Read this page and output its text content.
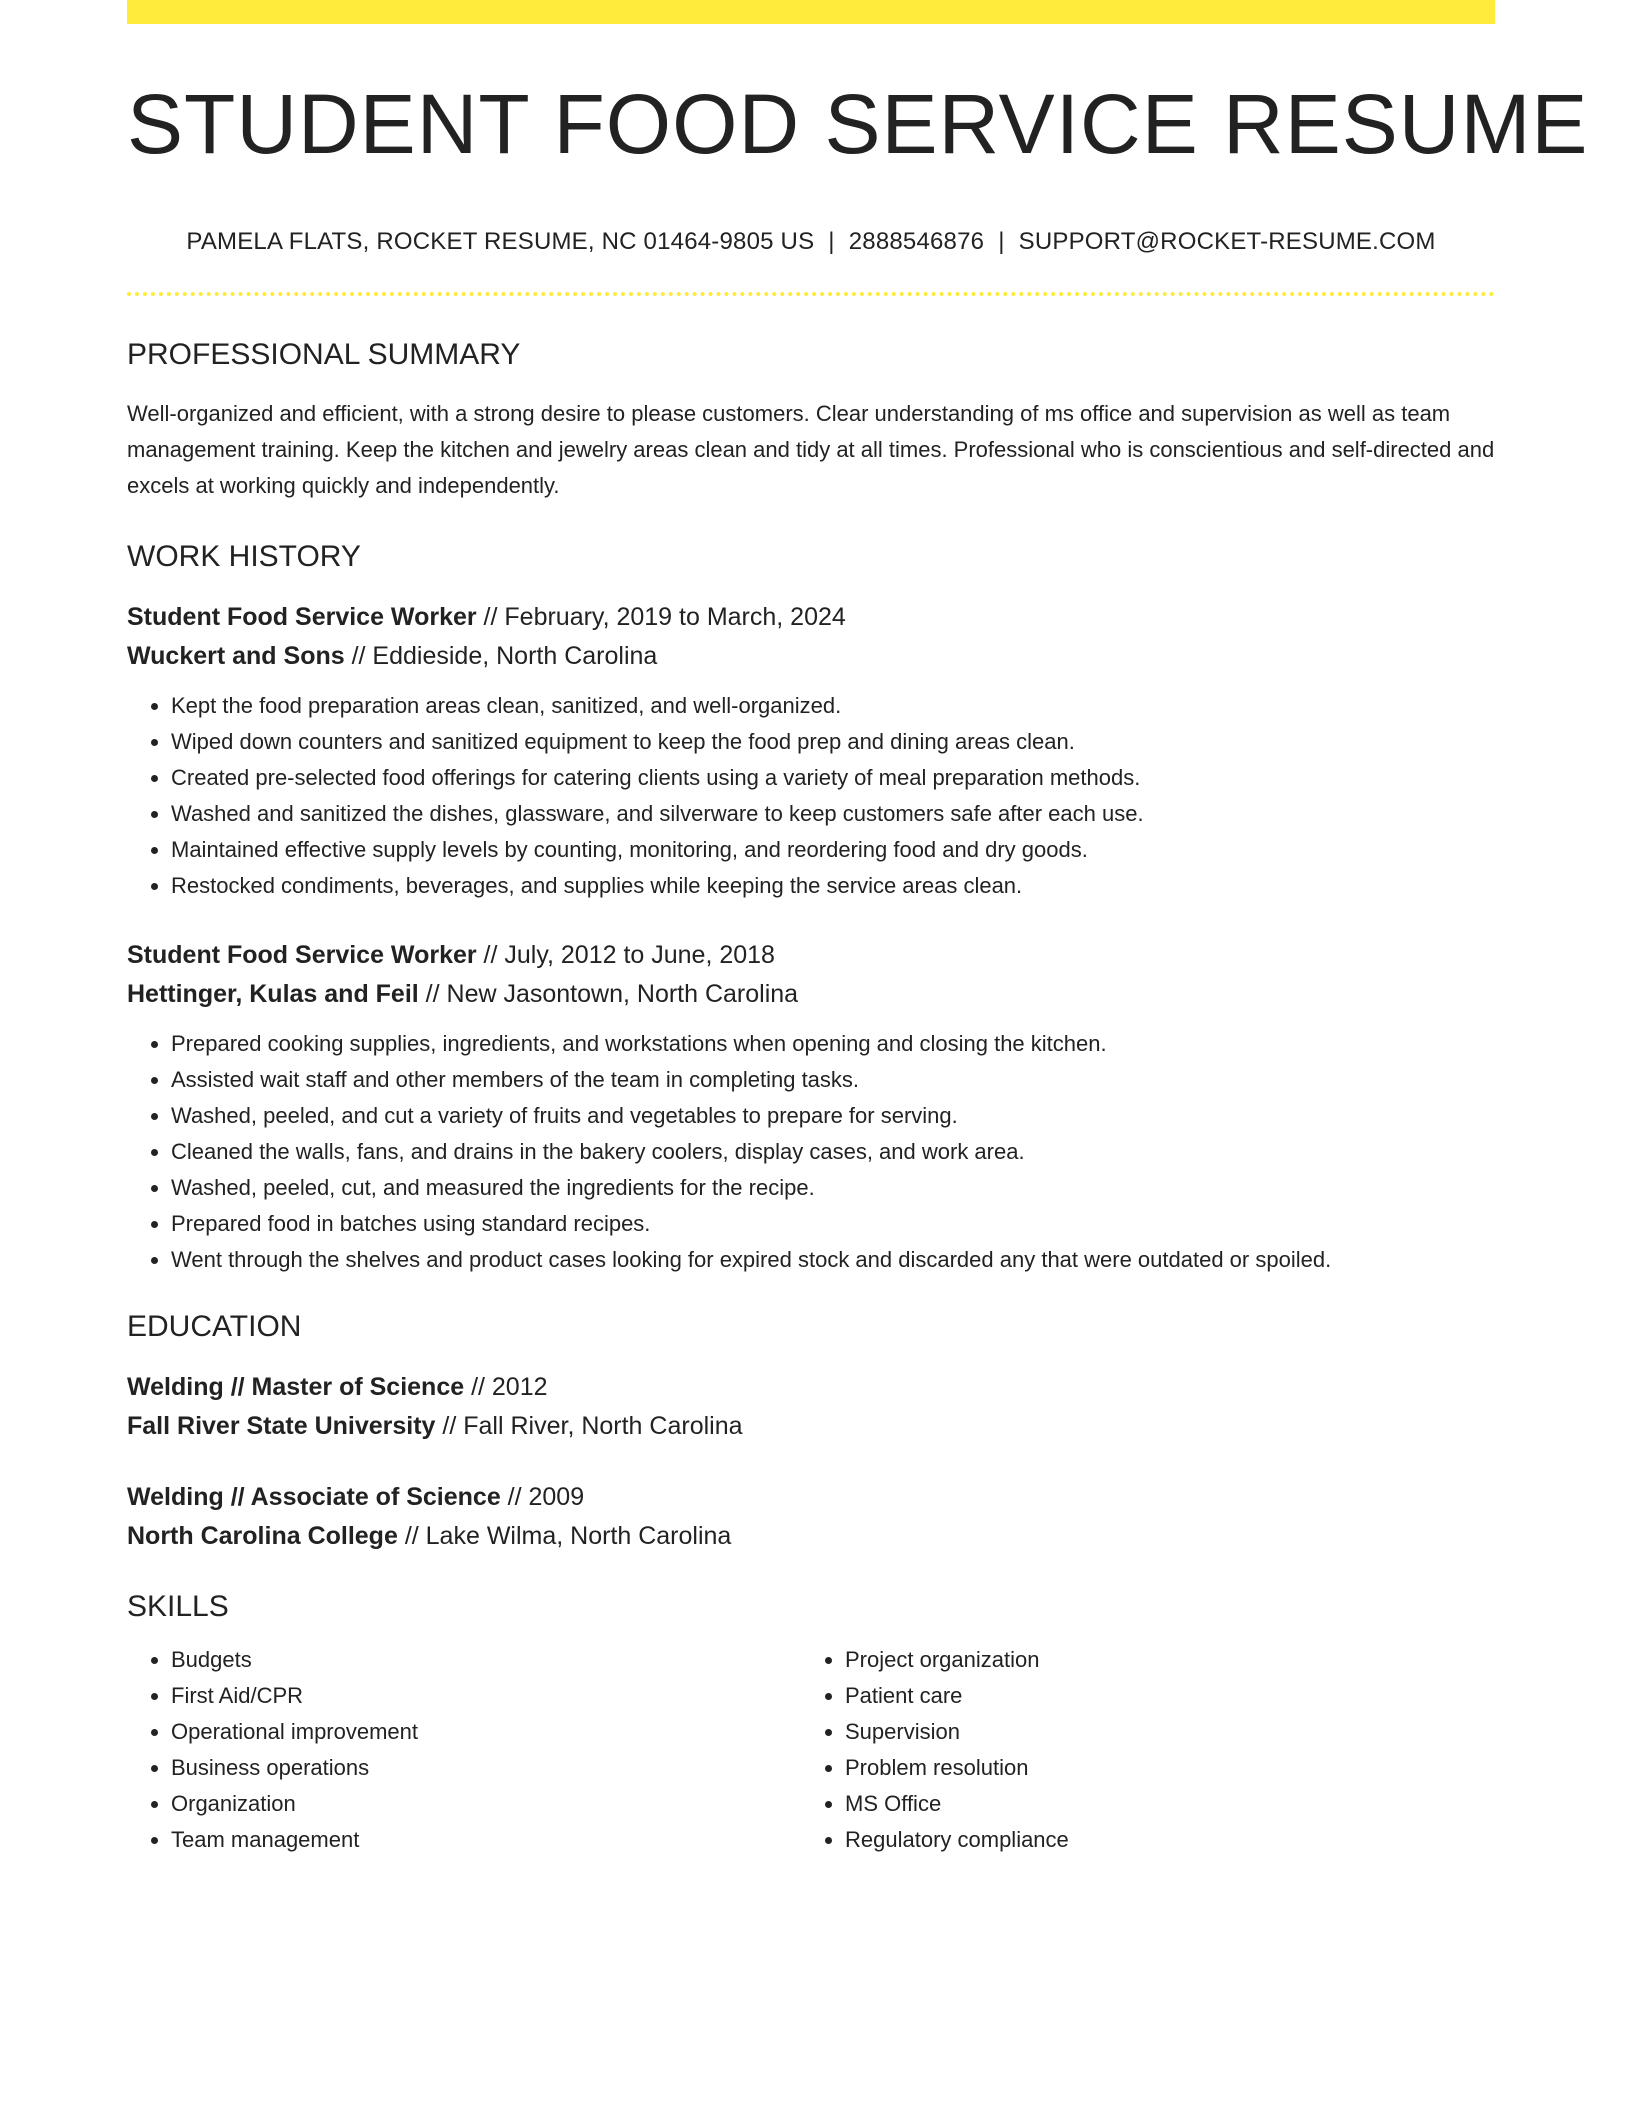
STUDENT FOOD SERVICE RESUME
PAMELA FLATS, ROCKET RESUME, NC 01464-9805 US | 2888546876 | SUPPORT@ROCKET-RESUME.COM
PROFESSIONAL SUMMARY

Well-organized and efficient, with a strong desire to please customers. Clear understanding of ms office and supervision as well as team management training. Keep the kitchen and jewelry areas clean and tidy at all times. Professional who is conscientious and self-directed and excels at working quickly and independently.

WORK HISTORY
Student Food Service Worker // February, 2019 to March, 2024
Wuckert and Sons // Eddieside, North Carolina
• Kept the food preparation areas clean, sanitized, and well-organized.
• Wiped down counters and sanitized equipment to keep the food prep and dining areas clean.
• Created pre-selected food offerings for catering clients using a variety of meal preparation methods.
• Washed and sanitized the dishes, glassware, and silverware to keep customers safe after each use.
• Maintained effective supply levels by counting, monitoring, and reordering food and dry goods.
• Restocked condiments, beverages, and supplies while keeping the service areas clean.
Student Food Service Worker // July, 2012 to June, 2018
Hettinger, Kulas and Feil // New Jasontown, North Carolina
• Prepared cooking supplies, ingredients, and workstations when opening and closing the kitchen.
• Assisted wait staff and other members of the team in completing tasks.
• Washed, peeled, and cut a variety of fruits and vegetables to prepare for serving.
• Cleaned the walls, fans, and drains in the bakery coolers, display cases, and work area.
• Washed, peeled, cut, and measured the ingredients for the recipe.
• Prepared food in batches using standard recipes.
• Went through the shelves and product cases looking for expired stock and discarded any that were outdated or spoiled.
EDUCATION
Welding // Master of Science // 2012
Fall River State University // Fall River, North Carolina
Welding // Associate of Science // 2009
North Carolina College // Lake Wilma, North Carolina
SKILLS
• Budgets
• First Aid/CPR
• Operational improvement
• Business operations
• Organization
• Team management
• Project organization
• Patient care
• Supervision
• Problem resolution
• MS Office
• Regulatory compliance
